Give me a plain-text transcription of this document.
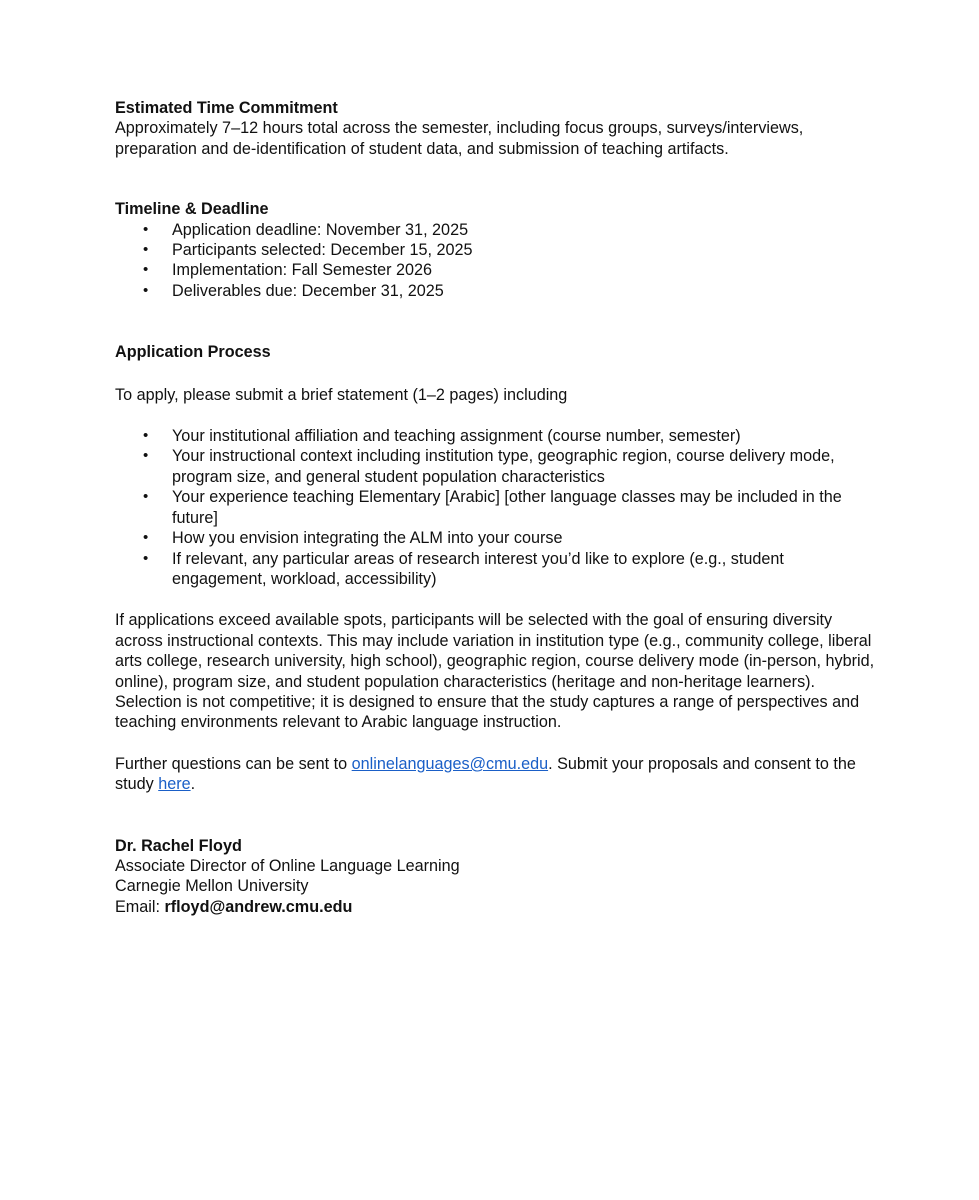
Estimated Time Commitment

Approximately 7–12 hours total across the semester, including focus groups, surveys/interviews, preparation and de-identification of student data, and submission of teaching artifacts.

Timeline & Deadline

• Application deadline: November 31, 2025
• Participants selected: December 15, 2025
• Implementation: Fall Semester 2026
• Deliverables due: December 31, 2025

Application Process

To apply, please submit a brief statement (1–2 pages) including

• Your institutional affiliation and teaching assignment (course number, semester)
• Your instructional context including institution type, geographic region, course delivery mode, program size, and general student population characteristics
• Your experience teaching Elementary [Arabic] [other language classes may be included in the future]
• How you envision integrating the ALM into your course
• If relevant, any particular areas of research interest you’d like to explore (e.g., student engagement, workload, accessibility)

If applications exceed available spots, participants will be selected with the goal of ensuring diversity across instructional contexts. This may include variation in institution type (e.g., community college, liberal arts college, research university, high school), geographic region, course delivery mode (in-person, hybrid, online), program size, and student population characteristics (heritage and non-heritage learners). Selection is not competitive; it is designed to ensure that the study captures a range of perspectives and teaching environments relevant to Arabic language instruction.

Further questions can be sent to onlinelanguages@cmu.edu. Submit your proposals and consent to the study here.

Dr. Rachel Floyd

Associate Director of Online Language Learning

Carnegie Mellon University

Email: rfloyd@andrew.cmu.edu
